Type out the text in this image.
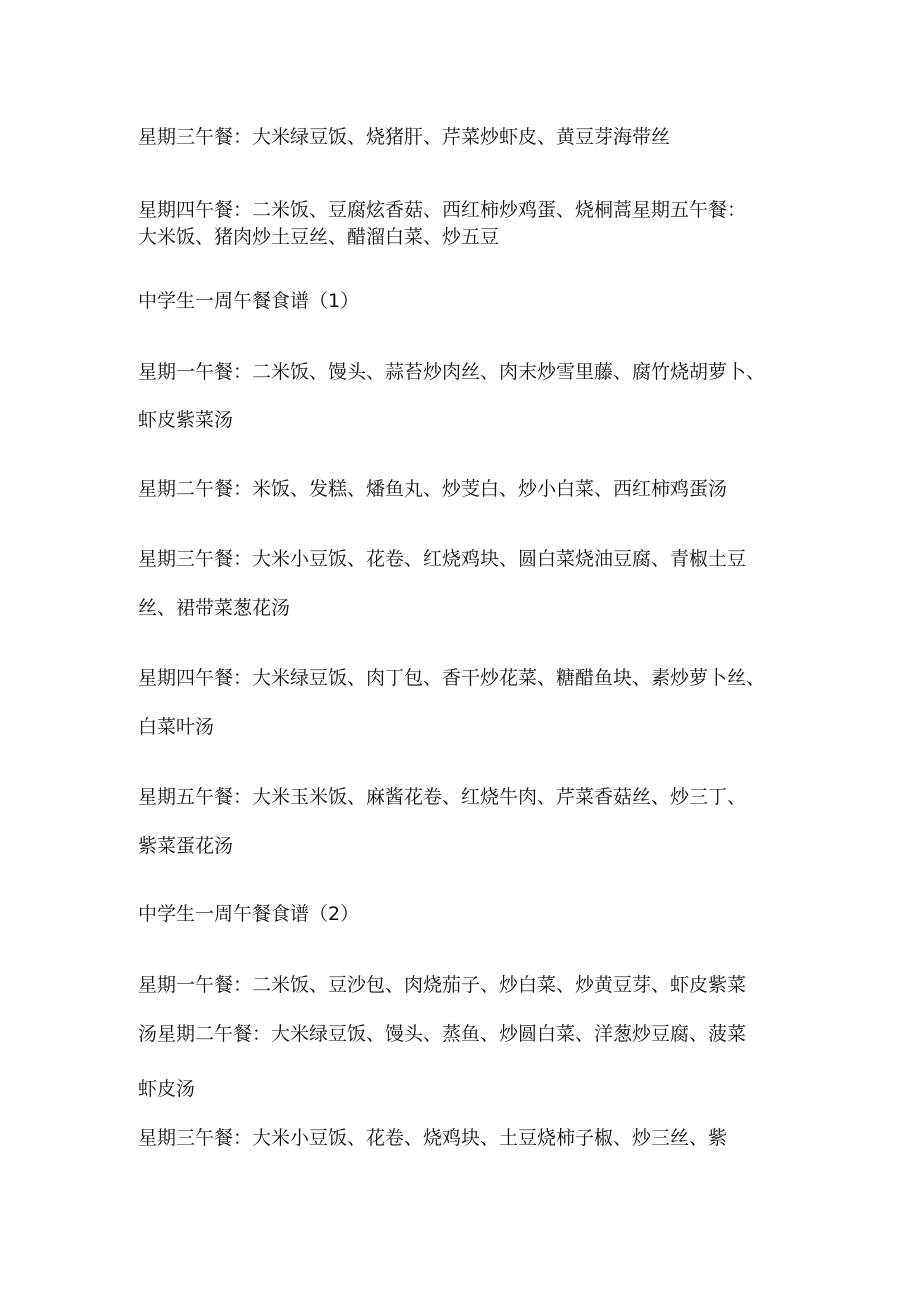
星期三午餐：大米绿豆饭、烧猪肝、芹菜炒虾皮、黄豆芽海带丝
星期四午餐：二米饭、豆腐炫香菇、西红柿炒鸡蛋、烧桐蒿星期五午餐：
大米饭、猪肉炒土豆丝、醋溜白菜、炒五豆
中学生一周午餐食谱（1）
星期一午餐：二米饭、馒头、蒜苔炒肉丝、肉末炒雪里藤、腐竹烧胡萝卜、
虾皮紫菜汤
星期二午餐：米饭、发糕、燔鱼丸、炒芰白、炒小白菜、西红柿鸡蛋汤
星期三午餐：大米小豆饭、花卷、红烧鸡块、圆白菜烧油豆腐、青椒土豆
丝、裙带菜葱花汤
星期四午餐：大米绿豆饭、肉丁包、香干炒花菜、糖醋鱼块、素炒萝卜丝、
白菜叶汤
星期五午餐：大米玉米饭、麻酱花卷、红烧牛肉、芹菜香菇丝、炒三丁、
紫菜蛋花汤
中学生一周午餐食谱（2）
星期一午餐：二米饭、豆沙包、肉烧茄子、炒白菜、炒黄豆芽、虾皮紫菜
汤星期二午餐：大米绿豆饭、馒头、蒸鱼、炒圆白菜、洋葱炒豆腐、菠菜
虾皮汤
星期三午餐：大米小豆饭、花卷、烧鸡块、土豆烧柿子椒、炒三丝、紫
